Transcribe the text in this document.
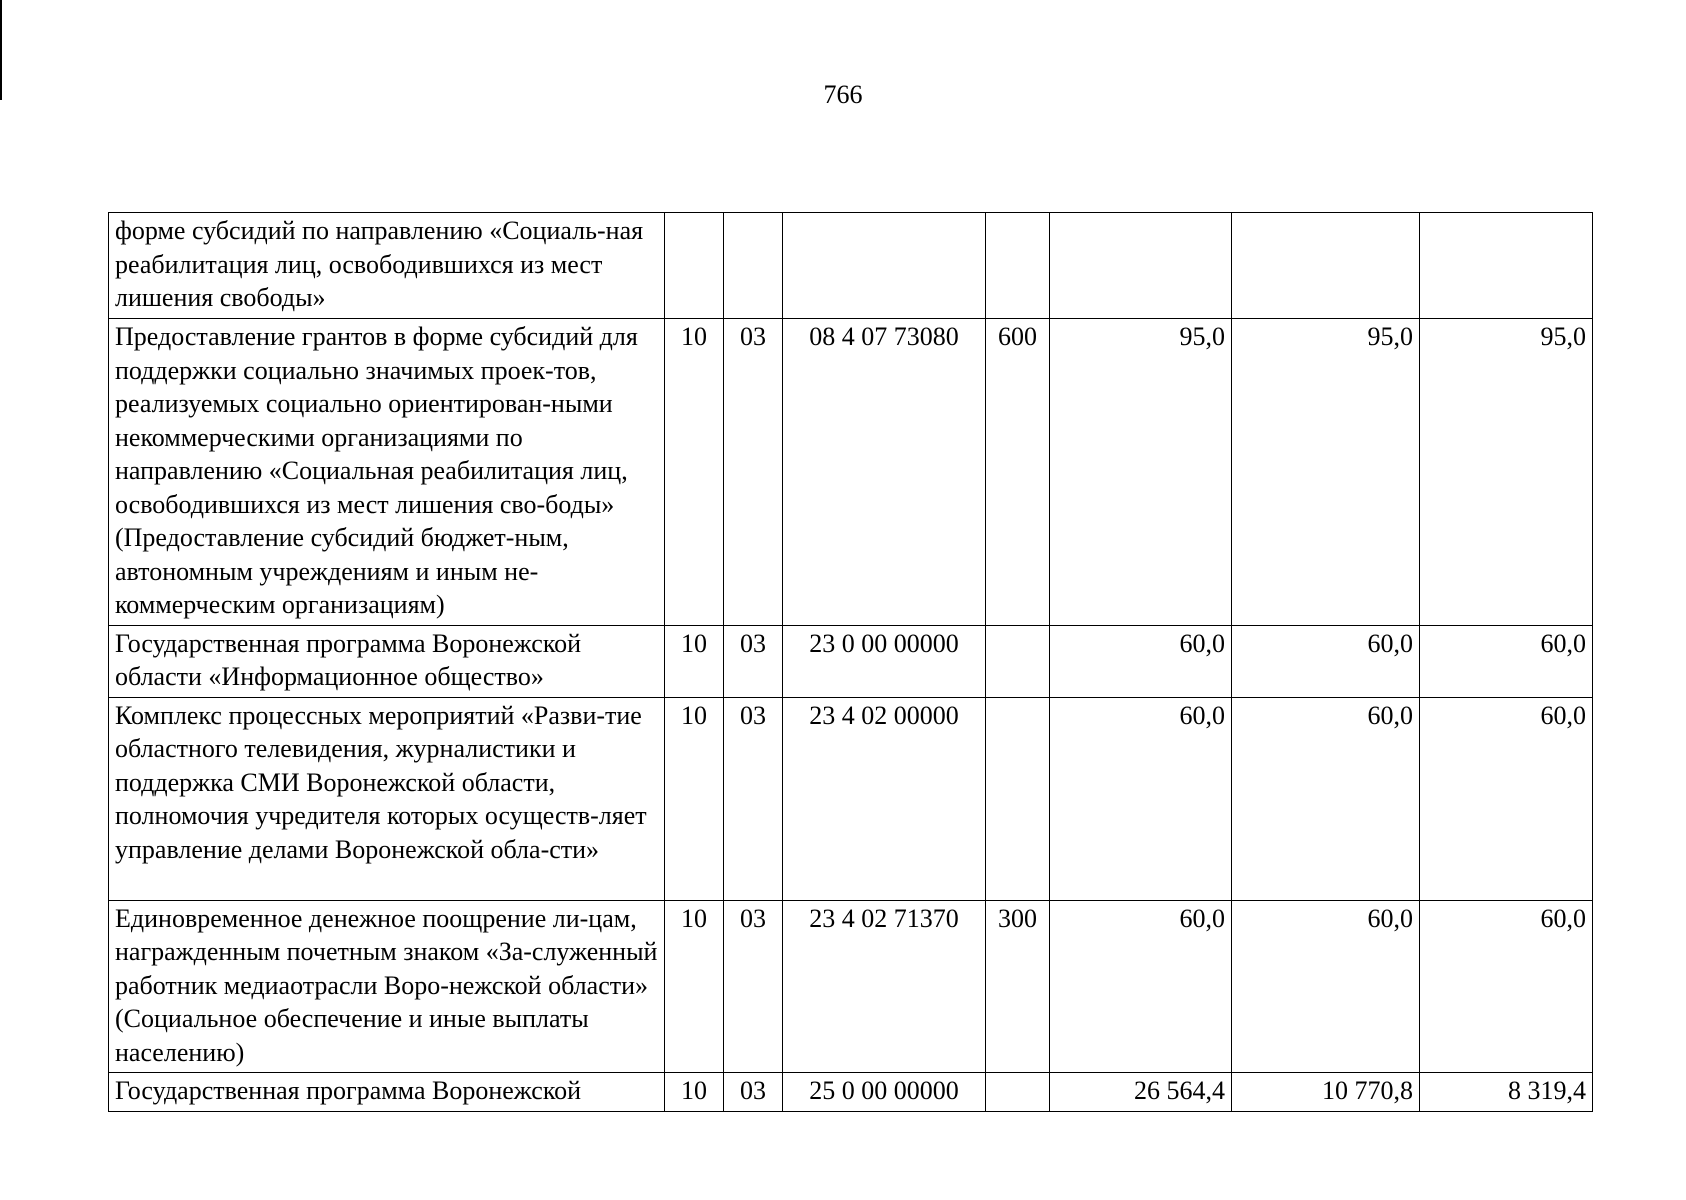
766
форме субсидий по направлению «Социаль-ная реабилитация лиц, освободившихся из мест лишения свободы»							
Предоставление грантов в форме субсидий для поддержки социально значимых проек-тов, реализуемых социально ориентирован-ными некоммерческими организациями по направлению «Социальная реабилитация лиц, освободившихся из мест лишения сво-боды» (Предоставление субсидий бюджет-ным, автономным учреждениям и иным не-коммерческим организациям)	10	03	08 4 07 73080	600	95,0	95,0	95,0
Государственная программа Воронежской области «Информационное общество»	10	03	23 0 00 00000		60,0	60,0	60,0
Комплекс процессных мероприятий «Разви-тие областного телевидения, журналистики и поддержка СМИ Воронежской области, полномочия учредителя которых осуществ-ляет управление делами Воронежской обла-сти»	10	03	23 4 02 00000		60,0	60,0	60,0
Единовременное денежное поощрение ли-цам, награжденным почетным знаком «За-служенный работник медиаотрасли Воро-нежской области» (Социальное обеспечение и иные выплаты населению)	10	03	23 4 02 71370	300	60,0	60,0	60,0
Государственная программа Воронежской	10	03	25 0 00 00000		26 564,4	10 770,8	8 319,4
